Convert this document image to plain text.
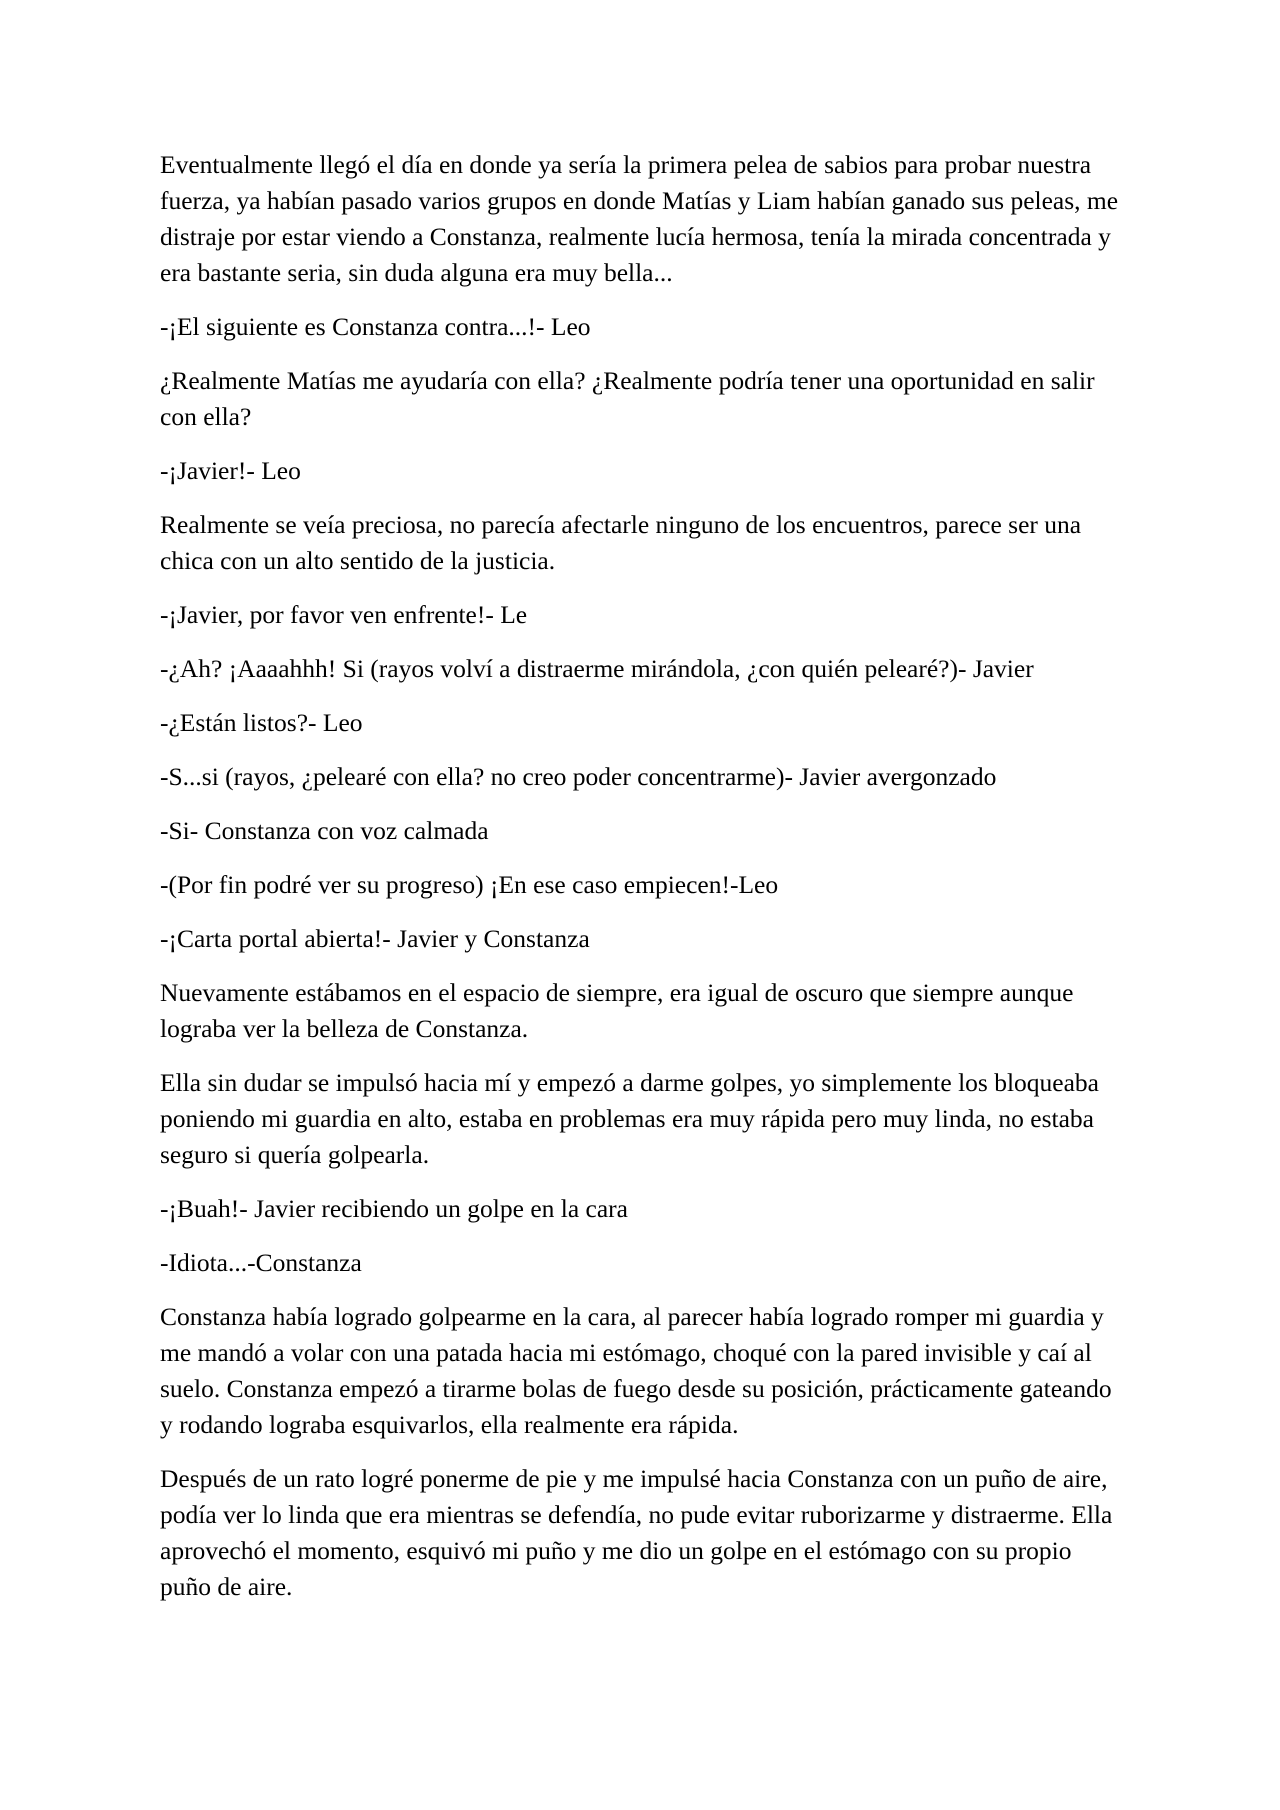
Eventualmente llegó el día en donde ya sería la primera pelea de sabios para probar nuestra fuerza, ya habían pasado varios grupos en donde Matías y Liam habían ganado sus peleas, me distraje por estar viendo a Constanza, realmente lucía hermosa, tenía la mirada concentrada y era bastante seria, sin duda alguna era muy bella...

-¡El siguiente es Constanza contra...!- Leo

¿Realmente Matías me ayudaría con ella? ¿Realmente podría tener una oportunidad en salir con ella?

-¡Javier!- Leo

Realmente se veía preciosa, no parecía afectarle ninguno de los encuentros, parece ser una chica con un alto sentido de la justicia.

-¡Javier, por favor ven enfrente!- Le

-¿Ah? ¡Aaaahhh! Si (rayos volví a distraerme mirándola, ¿con quién pelearé?)- Javier

-¿Están listos?- Leo

-S...si (rayos, ¿pelearé con ella? no creo poder concentrarme)- Javier avergonzado

-Si- Constanza con voz calmada

-(Por fin podré ver su progreso) ¡En ese caso empiecen!-Leo

-¡Carta portal abierta!- Javier y Constanza

Nuevamente estábamos en el espacio de siempre, era igual de oscuro que siempre aunque lograba ver la belleza de Constanza.

Ella sin dudar se impulsó hacia mí y empezó a darme golpes, yo simplemente los bloqueaba poniendo mi guardia en alto, estaba en problemas era muy rápida pero muy linda, no estaba seguro si quería golpearla.

-¡Buah!- Javier recibiendo un golpe en la cara

-Idiota...-Constanza

Constanza había logrado golpearme en la cara, al parecer había logrado romper mi guardia y me mandó a volar con una patada hacia mi estómago, choqué con la pared invisible y caí al suelo. Constanza empezó a tirarme bolas de fuego desde su posición, prácticamente gateando y rodando lograba esquivarlos, ella realmente era rápida.

Después de un rato logré ponerme de pie y me impulsé hacia Constanza con un puño de aire, podía ver lo linda que era mientras se defendía, no pude evitar ruborizarme y distraerme. Ella aprovechó el momento, esquivó mi puño y me dio un golpe en el estómago con su propio puño de aire.
